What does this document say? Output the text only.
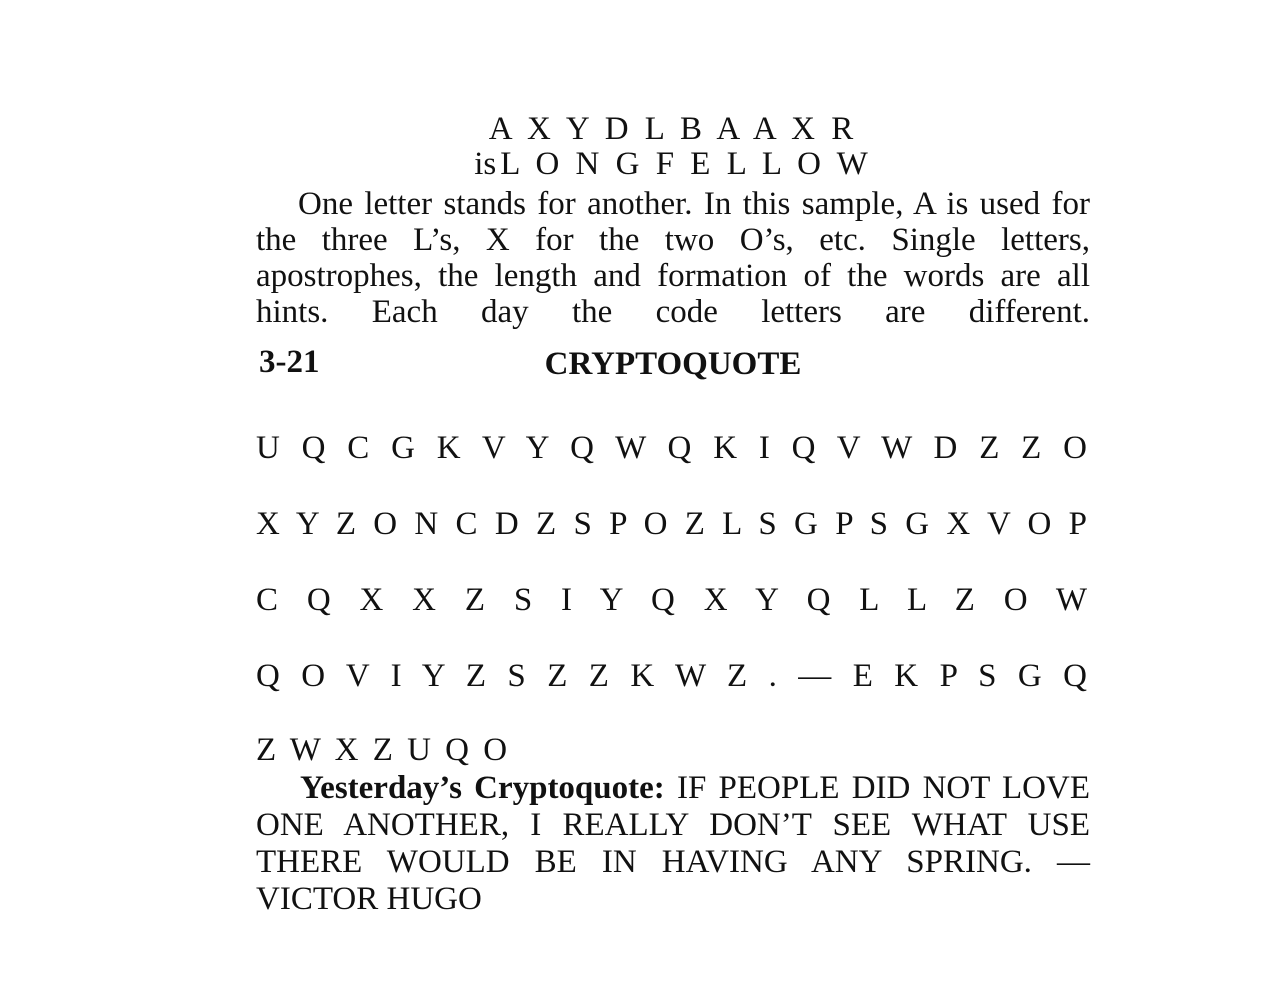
A X Y D L B A A X R
is L O N G F E L L O W
One letter stands for another. In this sample, A is used for the three L’s, X for the two O’s, etc. Single letters, apostrophes, the length and formation of the words are all hints. Each day the code letters are different.
3-21	CRYPTOQUOTE
U Q C G K V Y Q W Q K I Q V W D Z Z O
X Y Z O N C D Z S P O Z L S G P S G X V O P
C Q X X Z S I Y Q X Y Q L L Z O W
Q O V I Y Z S Z Z K W Z . — E K P S G Q
Z W X Z U Q O
Yesterday’s Cryptoquote: IF PEOPLE DID NOT LOVE ONE ANOTHER, I REALLY DON’T SEE WHAT USE THERE WOULD BE IN HAVING ANY SPRING. — VICTOR HUGO
